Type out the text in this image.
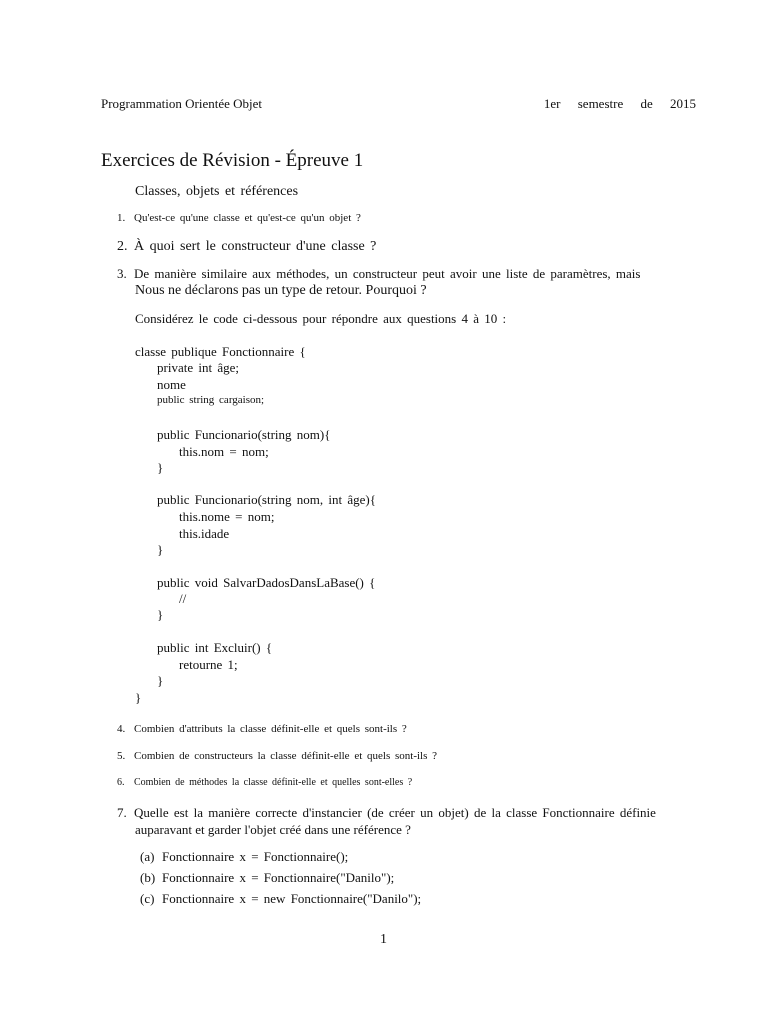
Programmation Orientée Objet	1er semestre de 2015
Exercices de Révision - Épreuve 1
Classes, objets et références
1. Qu'est-ce qu'une classe et qu'est-ce qu'un objet ?
2. À quoi sert le constructeur d'une classe ?
3. De manière similaire aux méthodes, un constructeur peut avoir une liste de paramètres, mais
Nous ne déclarons pas un type de retour. Pourquoi ?
Considérez le code ci-dessous pour répondre aux questions 4 à 10 :
classe publique Fonctionnaire {
private int âge;
nome
public string cargaison;
public Funcionario(string nom){
this.nom = nom;
}
public Funcionario(string nom, int âge){
this.nome = nom;
this.idade
}
public void SalvarDadosDansLaBase() {
//
}
public int Excluir() {
retourne 1;
}
}
4. Combien d'attributs la classe définit-elle et quels sont-ils ?
5. Combien de constructeurs la classe définit-elle et quels sont-ils ?
6. Combien de méthodes la classe définit-elle et quelles sont-elles ?
7. Quelle est la manière correcte d'instancier (de créer un objet) de la classe Fonctionnaire définie
auparavant et garder l'objet créé dans une référence ?
(a) Fonctionnaire x = Fonctionnaire();
(b) Fonctionnaire x = Fonctionnaire("Danilo");
(c) Fonctionnaire x = new Fonctionnaire("Danilo");
1
